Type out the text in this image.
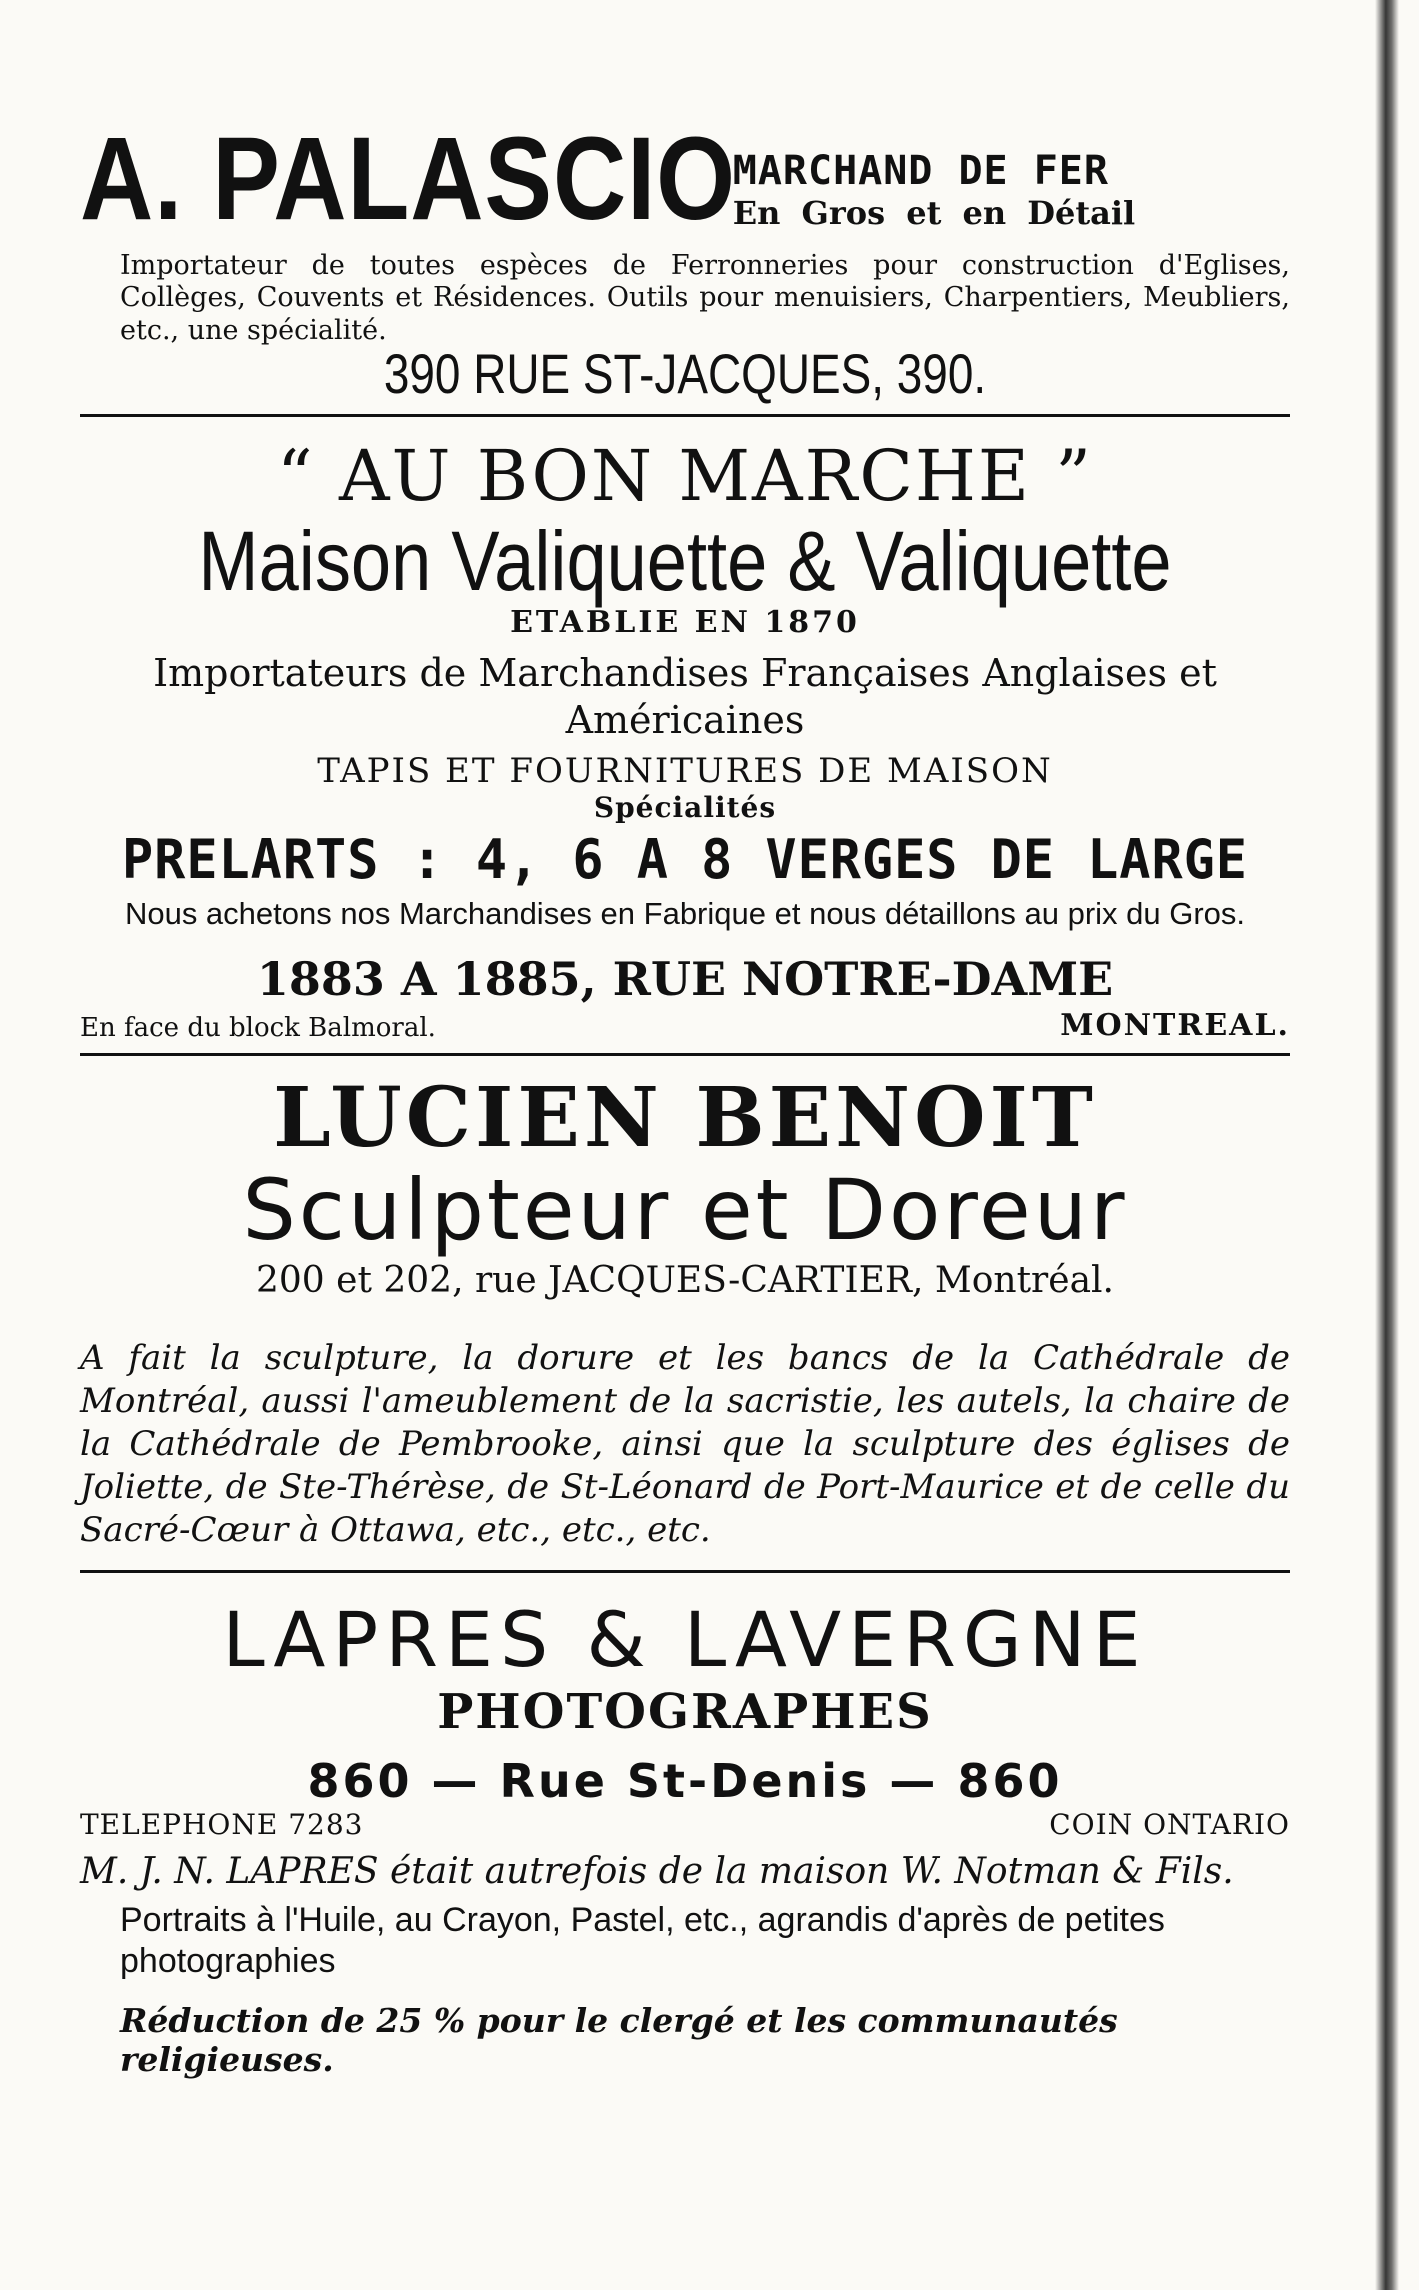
A. PALASCIO
MARCHAND DE FER
En Gros et en Détail
Importateur de toutes espèces de Ferronneries pour construction d'Eglises, Collèges, Couvents et Résidences. Outils pour menuisiers, Charpentiers, Meubliers, etc., une spécialité.
390 RUE ST-JACQUES, 390.
“ AU BON MARCHE ”
Maison Valiquette & Valiquette
ETABLIE EN 1870
Importateurs de Marchandises Françaises Anglaises et Américaines
TAPIS ET FOURNITURES DE MAISON
Spécialités
PRELARTS : 4, 6 A 8 VERGES DE LARGE
Nous achetons nos Marchandises en Fabrique et nous détaillons au prix du Gros.
1883 A 1885, RUE NOTRE-DAME
En face du block Balmoral.	MONTREAL.
LUCIEN BENOIT
Sculpteur et Doreur
200 et 202, rue JACQUES-CARTIER, Montréal.
A fait la sculpture, la dorure et les bancs de la Cathédrale de Montréal, aussi l'ameublement de la sacristie, les autels, la chaire de la Cathédrale de Pembrooke, ainsi que la sculpture des églises de Joliette, de Ste-Thérèse, de St-Léonard de Port-Maurice et de celle du Sacré-Cœur à Ottawa, etc., etc., etc.
LAPRES & LAVERGNE
PHOTOGRAPHES
860 — Rue St-Denis — 860
TELEPHONE 7283	COIN ONTARIO
M. J. N. LAPRES était autrefois de la maison W. Notman & Fils.
Portraits à l'Huile, au Crayon, Pastel, etc., agrandis d'après de petites photographies
Réduction de 25 % pour le clergé et les communautés religieuses.
